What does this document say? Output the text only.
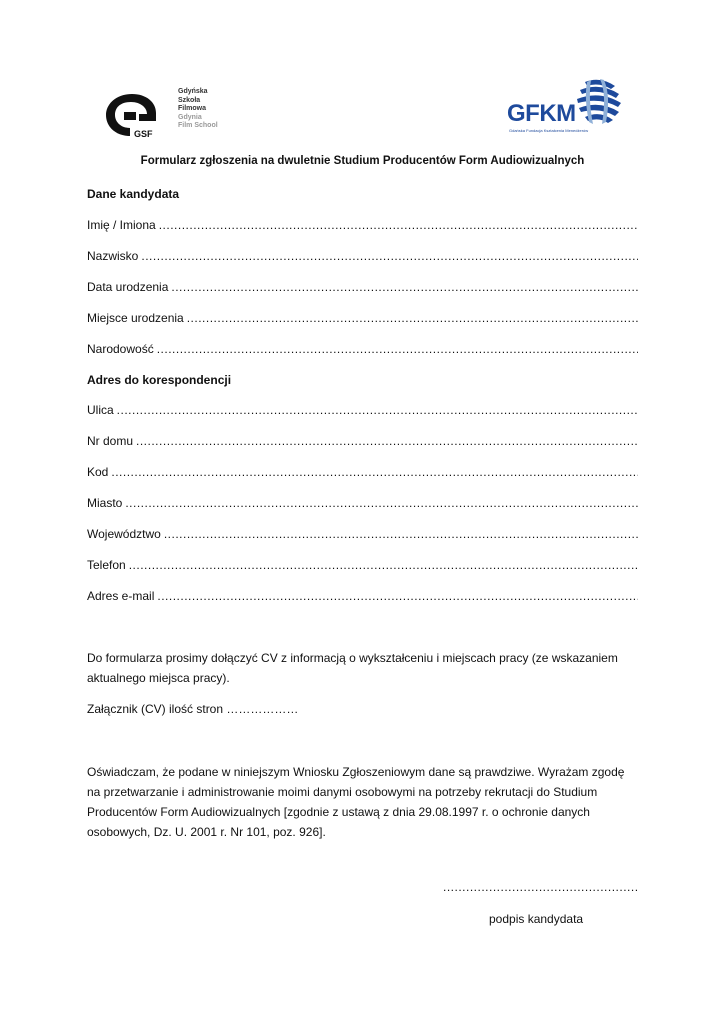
GSF
Gdyńska
Szkoła
Filmowa
Gdynia
Film School	GFKM
Gdańska Fundacja Kształcenia Menedżerów
Formularz zgłoszenia na dwuletnie Studium Producentów Form Audiowizualnych
Dane kandydata
Imię / Imiona
.....
Nazwisko
.....
Data urodzenia
.....
Miejsce urodzenia
.....
Narodowość
.....
Adres do korespondencji
Ulica
.....
Nr domu
.....
Kod
.....
Miasto
.....
Województwo
.....
Telefon
.....
Adres e-mail
.....
Do formularza prosimy dołączyć CV z informacją o wykształceniu i miejscach pracy (ze wskazaniem aktualnego miejsca pracy).
Załącznik (CV) ilość stron ………………
Oświadczam, że podane w niniejszym Wniosku Zgłoszeniowym dane są prawdziwe. Wyrażam zgodę na przetwarzanie i administrowanie moimi danymi osobowymi na potrzeby rekrutacji do Studium Producentów Form Audiowizualnych [zgodnie z ustawą z dnia 29.08.1997 r. o ochronie danych osobowych, Dz. U. 2001 r. Nr 101, poz. 926].
.....
podpis kandydata
